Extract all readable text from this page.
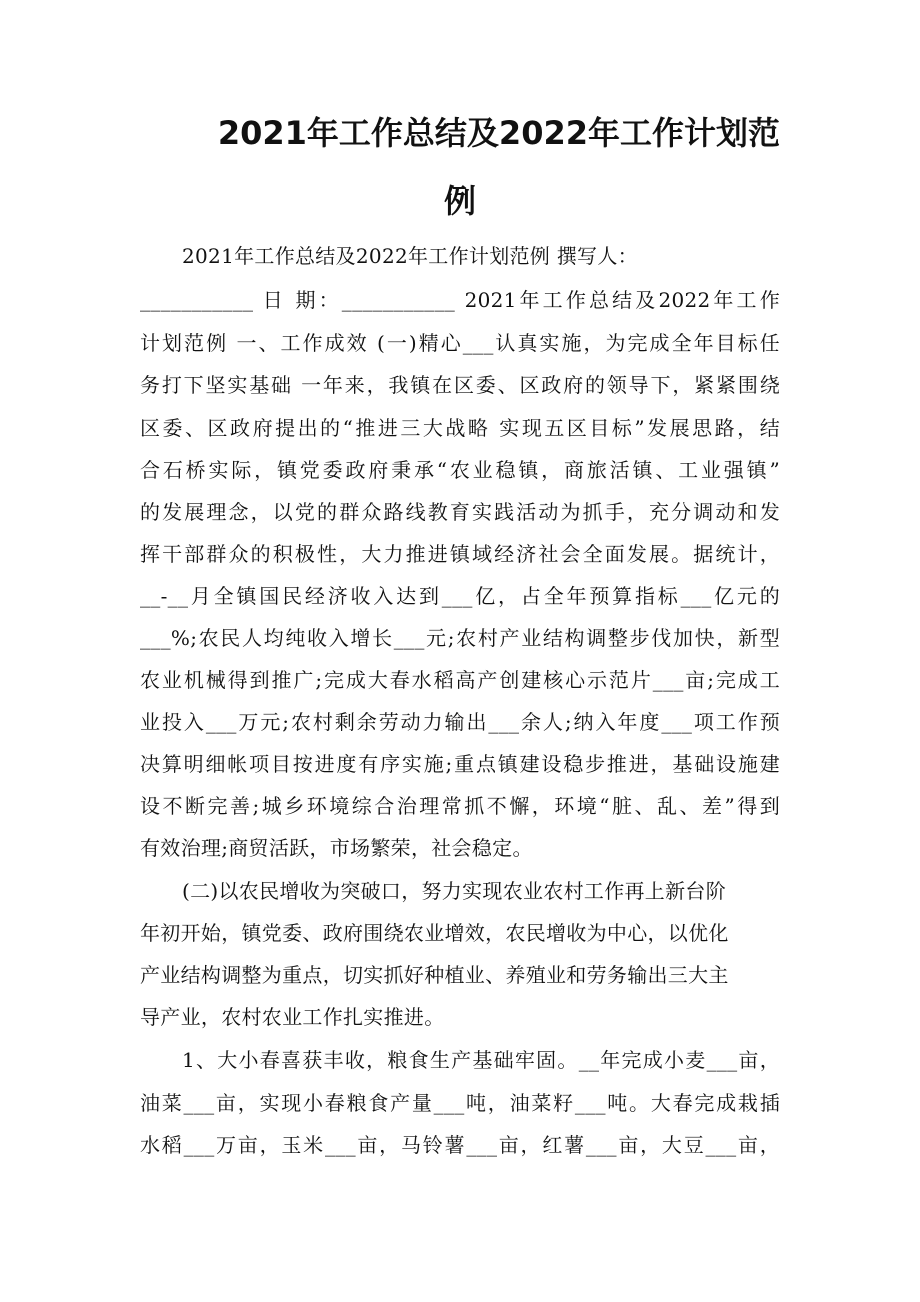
2021年工作总结及2022年工作计划范
例
2021年工作总结及2022年工作计划范例 撰写人：
___________ 日 期：___________ 2021年工作总结及2022年工作
计划范例 一、工作成效 (一)精心___认真实施，为完成全年目标任
务打下坚实基础 一年来，我镇在区委、区政府的领导下，紧紧围绕
区委、区政府提出的“推进三大战略 实现五区目标”发展思路，结
合石桥实际，镇党委政府秉承“农业稳镇，商旅活镇、工业强镇”
的发展理念，以党的群众路线教育实践活动为抓手，充分调动和发
挥干部群众的积极性，大力推进镇域经济社会全面发展。据统计，
__-__月全镇国民经济收入达到___亿，占全年预算指标___亿元的
___%;农民人均纯收入增长___元;农村产业结构调整步伐加快，新型
农业机械得到推广;完成大春水稻高产创建核心示范片___亩;完成工
业投入___万元;农村剩余劳动力输出___余人;纳入年度___项工作预
决算明细帐项目按进度有序实施;重点镇建设稳步推进，基础设施建
设不断完善;城乡环境综合治理常抓不懈，环境“脏、乱、差”得到
有效治理;商贸活跃，市场繁荣，社会稳定。
(二)以农民增收为突破口，努力实现农业农村工作再上新台阶
年初开始，镇党委、政府围绕农业增效，农民增收为中心，以优化
产业结构调整为重点，切实抓好种植业、养殖业和劳务输出三大主
导产业，农村农业工作扎实推进。
1、大小春喜获丰收，粮食生产基础牢固。__年完成小麦___亩，
油菜___亩，实现小春粮食产量___吨，油菜籽___吨。大春完成栽插
水稻___万亩，玉米___亩，马铃薯___亩，红薯___亩，大豆___亩，
